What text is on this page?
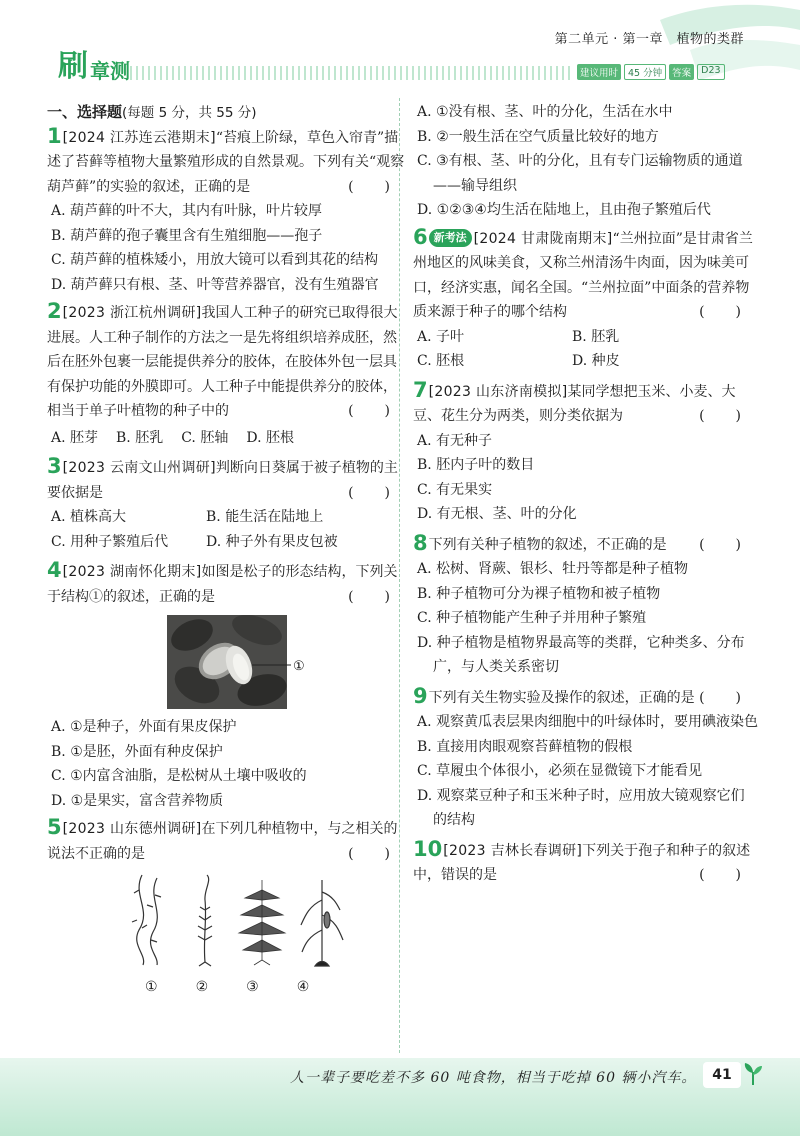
第二单元 · 第一章　植物的类群
刷 章测	建议用时	45 分钟	答案	D23
一、选择题(每题 5 分，共 55 分)
1[2024 江苏连云港期末]“苔痕上阶绿，草色入帘青”描述了苔藓等植物大量繁殖形成的自然景观。下列有关“观察葫芦藓”的实验的叙述，正确的是	(　　)
A. 葫芦藓的叶不大，其内有叶脉，叶片较厚
B. 葫芦藓的孢子囊里含有生殖细胞——孢子
C. 葫芦藓的植株矮小，用放大镜可以看到其花的结构
D. 葫芦藓只有根、茎、叶等营养器官，没有生殖器官
2[2023 浙江杭州调研]我国人工种子的研究已取得很大进展。人工种子制作的方法之一是先将组织培养成胚，然后在胚外包裹一层能提供养分的胶体，在胶体外包一层具有保护功能的外膜即可。人工种子中能提供养分的胶体，相当于单子叶植物的种子中的	(　　)
A. 胚芽 B. 胚乳 C. 胚轴 D. 胚根
3[2023 云南文山州调研]判断向日葵属于被子植物的主要依据是	(　　)
A. 植株高大	B. 能生活在陆地上
C. 用种子繁殖后代	D. 种子外有果皮包被
4[2023 湖南怀化期末]如图是松子的形态结构，下列关于结构①的叙述，正确的是	(　　)
①
A. ①是种子，外面有果皮保护
B. ①是胚，外面有种皮保护
C. ①内富含油脂，是松树从土壤中吸收的
D. ①是果实，富含营养物质
5[2023 山东德州调研]在下列几种植物中，与之相关的说法不正确的是	(　　)
①	②	③	④
A. ①没有根、茎、叶的分化，生活在水中
B. ②一般生活在空气质量比较好的地方
C. ③有根、茎、叶的分化，且有专门运输物质的通道——输导组织
D. ①②③④均生活在陆地上，且由孢子繁殖后代
6 新考法 [2024 甘肃陇南期末]“兰州拉面”是甘肃省兰州地区的风味美食，又称兰州清汤牛肉面，因为味美可口，经济实惠，闻名全国。“兰州拉面”中面条的营养物质来源于种子的哪个结构	(　　)
A. 子叶	B. 胚乳
C. 胚根	D. 种皮
7[2023 山东济南模拟]某同学想把玉米、小麦、大豆、花生分为两类，则分类依据为	(　　)
A. 有无种子
B. 胚内子叶的数目
C. 有无果实
D. 有无根、茎、叶的分化
8下列有关种子植物的叙述，不正确的是 (　　)
A. 松树、肾蕨、银杉、牡丹等都是种子植物
B. 种子植物可分为裸子植物和被子植物
C. 种子植物能产生种子并用种子繁殖
D. 种子植物是植物界最高等的类群，它种类多、分布广，与人类关系密切
9下列有关生物实验及操作的叙述，正确的是 (　　)
A. 观察黄瓜表层果肉细胞中的叶绿体时，要用碘液染色
B. 直接用肉眼观察苔藓植物的假根
C. 草履虫个体很小，必须在显微镜下才能看见
D. 观察菜豆种子和玉米种子时，应用放大镜观察它们的结构
10[2023 吉林长春调研]下列关于孢子和种子的叙述中，错误的是	(　　)
人一辈子要吃差不多 60 吨食物，相当于吃掉 60 辆小汽车。	41
